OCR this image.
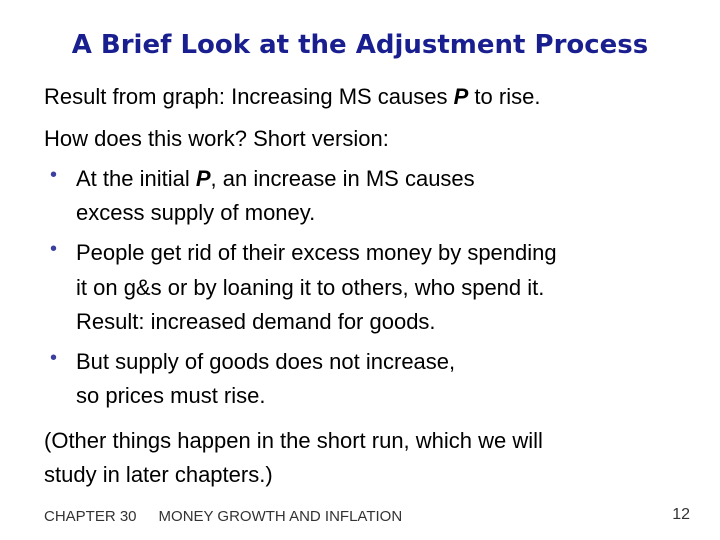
A Brief Look at the Adjustment Process
Result from graph: Increasing MS causes P to rise.
How does this work? Short version:
• At the initial P, an increase in MS causes
excess supply of money.
• People get rid of their excess money by spending
it on g&s or by loaning it to others, who spend it.
Result: increased demand for goods.
• But supply of goods does not increase,
so prices must rise.
(Other things happen in the short run, which we will
study in later chapters.)
CHAPTER 30 MONEY GROWTH AND INFLATION	12
